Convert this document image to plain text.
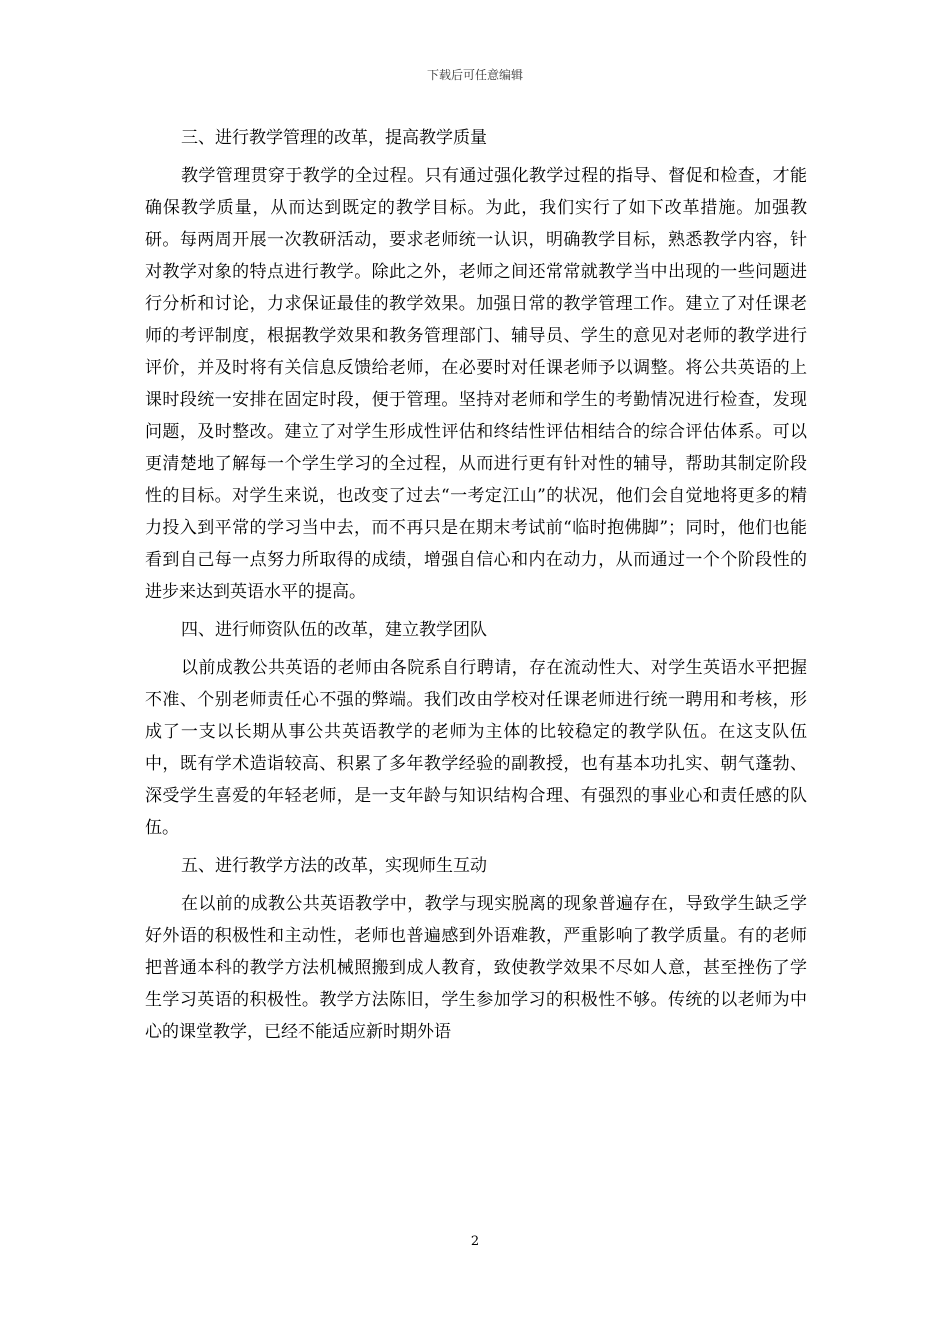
下载后可任意编辑

三、进行教学管理的改革，提高教学质量

教学管理贯穿于教学的全过程。只有通过强化教学过程的指导、督促和检查，才能确保教学质量，从而达到既定的教学目标。为此，我们实行了如下改革措施。加强教研。每两周开展一次教研活动，要求老师统一认识，明确教学目标，熟悉教学内容，针对教学对象的特点进行教学。除此之外，老师之间还常常就教学当中出现的一些问题进行分析和讨论，力求保证最佳的教学效果。加强日常的教学管理工作。建立了对任课老师的考评制度，根据教学效果和教务管理部门、辅导员、学生的意见对老师的教学进行评价，并及时将有关信息反馈给老师，在必要时对任课老师予以调整。将公共英语的上课时段统一安排在固定时段，便于管理。坚持对老师和学生的考勤情况进行检查，发现问题，及时整改。建立了对学生形成性评估和终结性评估相结合的综合评估体系。可以更清楚地了解每一个学生学习的全过程，从而进行更有针对性的辅导，帮助其制定阶段性的目标。对学生来说，也改变了过去“一考定江山”的状况，他们会自觉地将更多的精力投入到平常的学习当中去，而不再只是在期末考试前“临时抱佛脚”；同时，他们也能看到自己每一点努力所取得的成绩，增强自信心和内在动力，从而通过一个个阶段性的进步来达到英语水平的提高。

四、进行师资队伍的改革，建立教学团队

以前成教公共英语的老师由各院系自行聘请，存在流动性大、对学生英语水平把握不准、个别老师责任心不强的弊端。我们改由学校对任课老师进行统一聘用和考核，形成了一支以长期从事公共英语教学的老师为主体的比较稳定的教学队伍。在这支队伍中，既有学术造诣较高、积累了多年教学经验的副教授，也有基本功扎实、朝气蓬勃、深受学生喜爱的年轻老师，是一支年龄与知识结构合理、有强烈的事业心和责任感的队伍。

五、进行教学方法的改革，实现师生互动

在以前的成教公共英语教学中，教学与现实脱离的现象普遍存在，导致学生缺乏学好外语的积极性和主动性，老师也普遍感到外语难教，严重影响了教学质量。有的老师把普通本科的教学方法机械照搬到成人教育，致使教学效果不尽如人意，甚至挫伤了学生学习英语的积极性。教学方法陈旧，学生参加学习的积极性不够。传统的以老师为中心的课堂教学，已经不能适应新时期外语

2
